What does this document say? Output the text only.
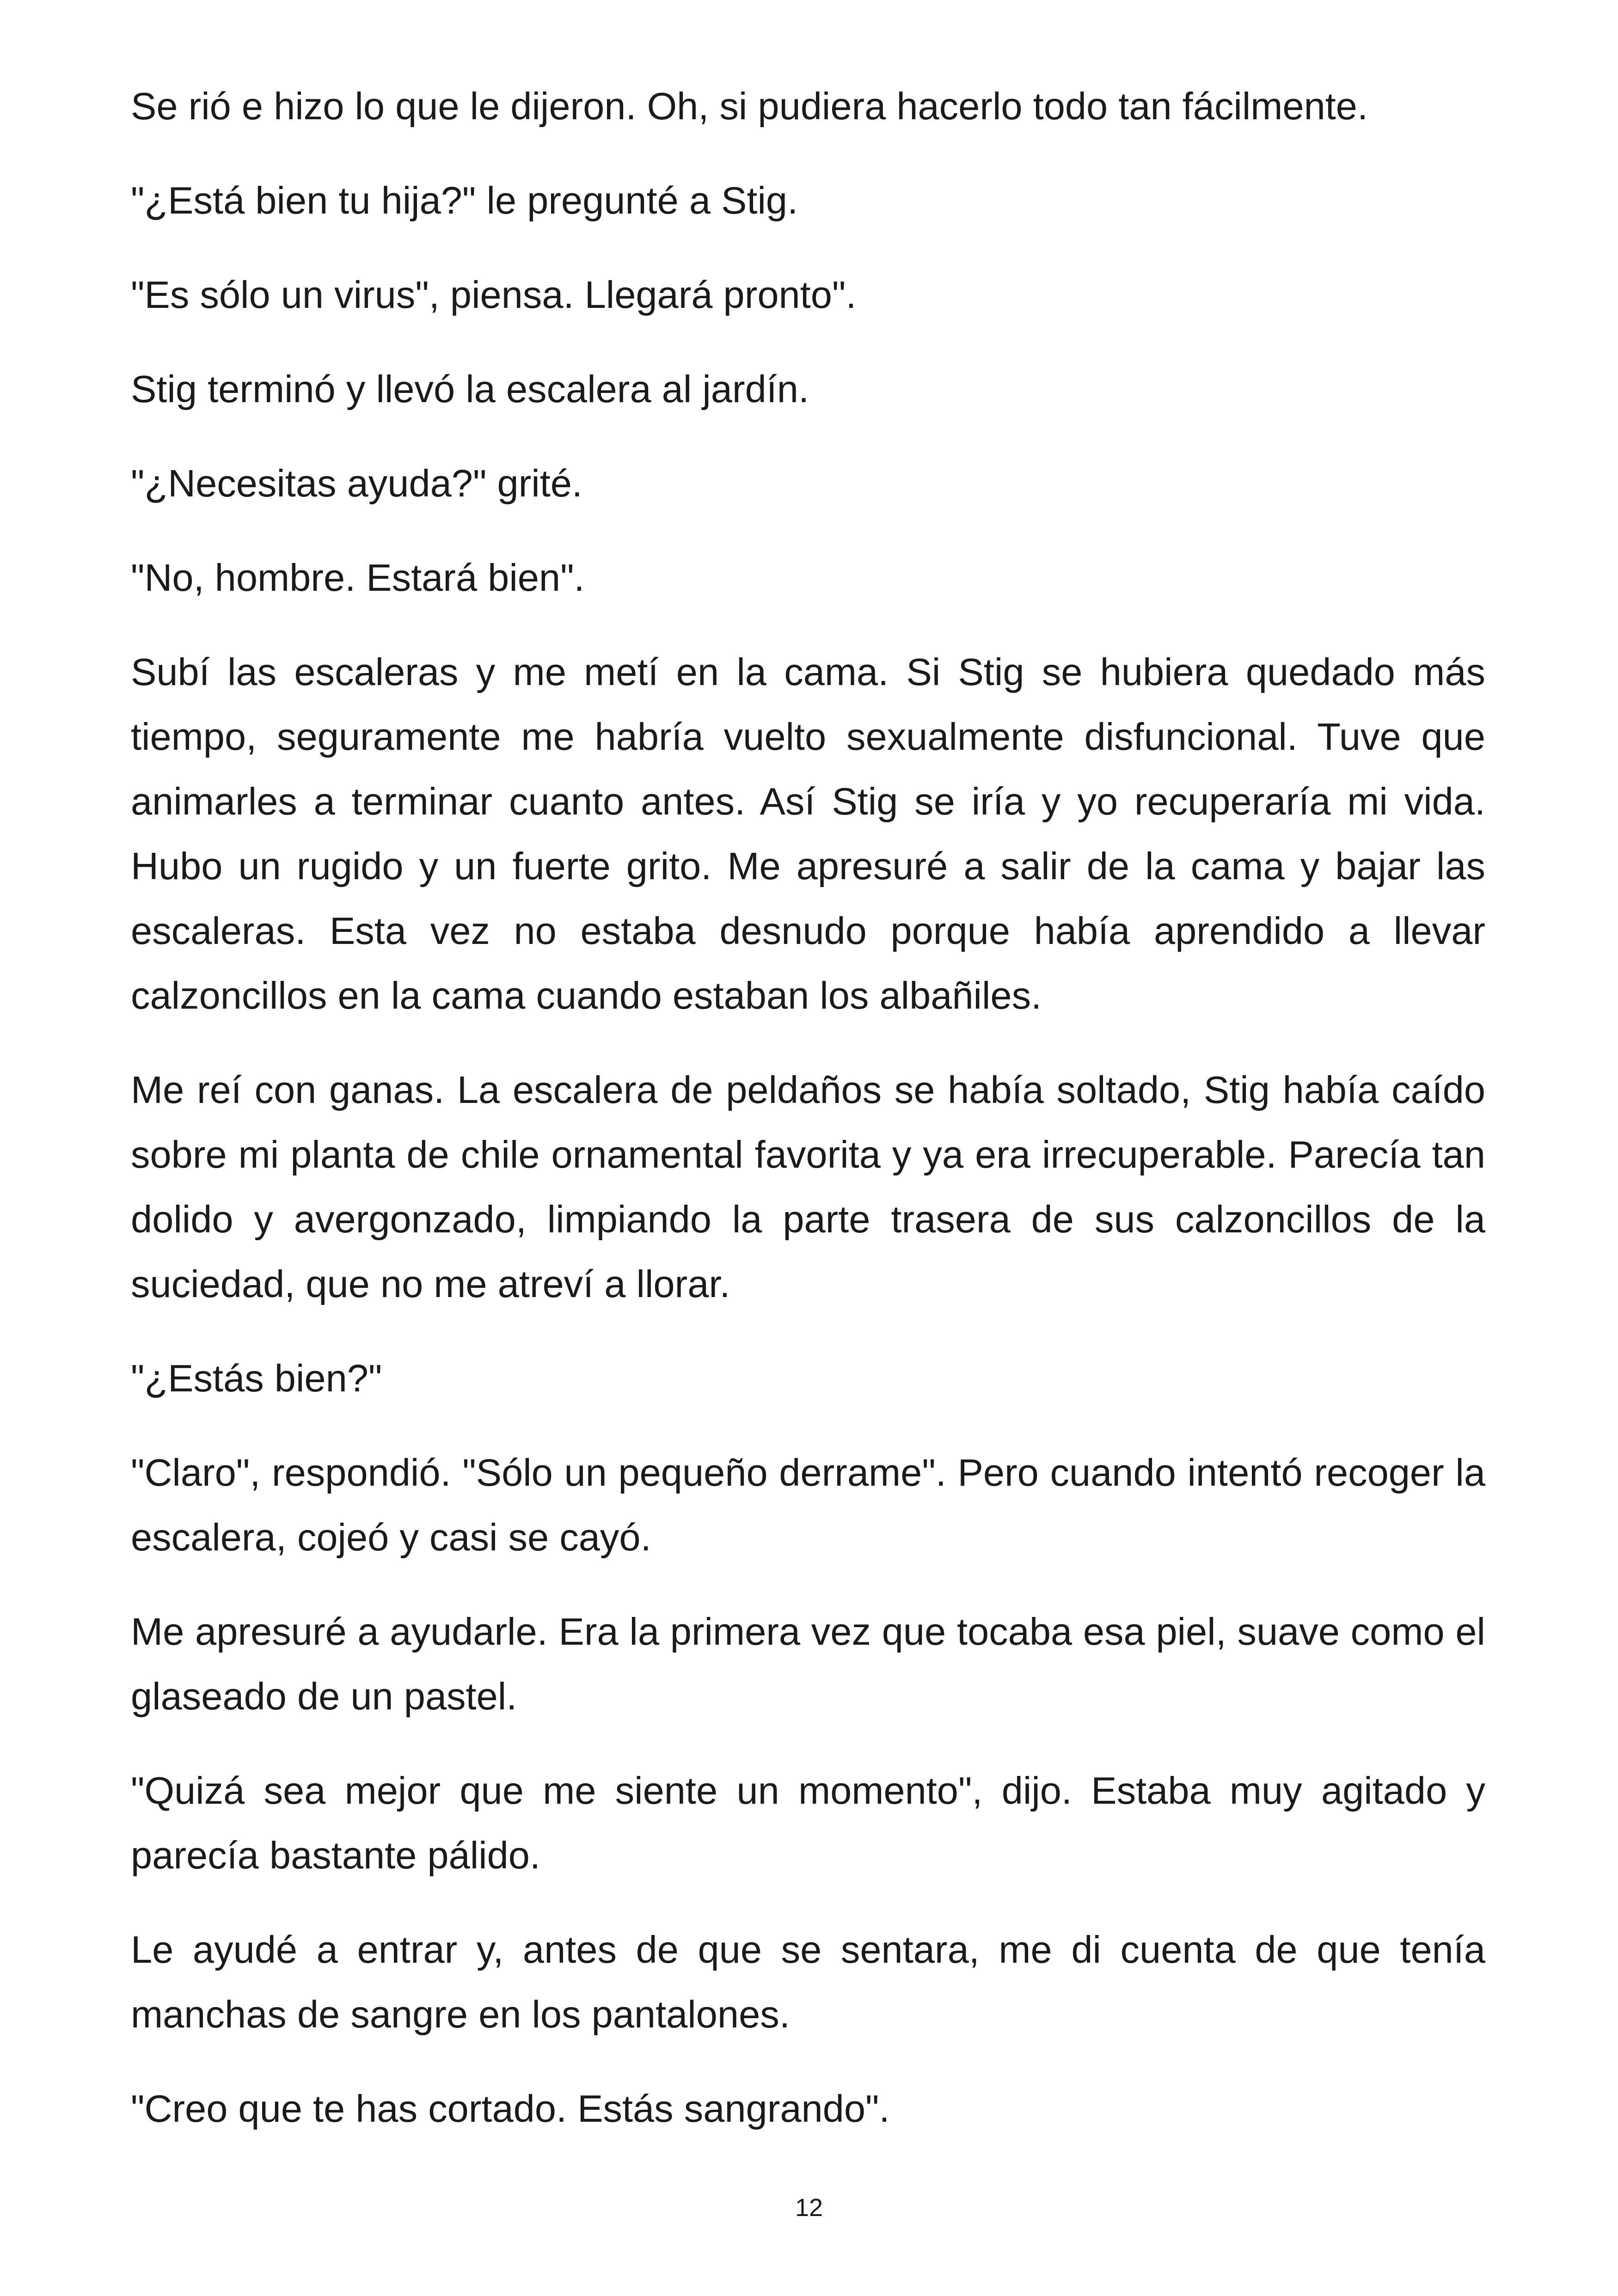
Se rió e hizo lo que le dijeron. Oh, si pudiera hacerlo todo tan fácilmente.

"¿Está bien tu hija?" le pregunté a Stig.

"Es sólo un virus", piensa. Llegará pronto".

Stig terminó y llevó la escalera al jardín.

"¿Necesitas ayuda?" grité.

"No, hombre. Estará bien".

Subí las escaleras y me metí en la cama. Si Stig se hubiera quedado más tiempo, seguramente me habría vuelto sexualmente disfuncional. Tuve que animarles a terminar cuanto antes. Así Stig se iría y yo recuperaría mi vida. Hubo un rugido y un fuerte grito. Me apresuré a salir de la cama y bajar las escaleras. Esta vez no estaba desnudo porque había aprendido a llevar calzoncillos en la cama cuando estaban los albañiles.

Me reí con ganas. La escalera de peldaños se había soltado, Stig había caído sobre mi planta de chile ornamental favorita y ya era irrecuperable. Parecía tan dolido y avergonzado, limpiando la parte trasera de sus calzoncillos de la suciedad, que no me atreví a llorar.

"¿Estás bien?"

"Claro", respondió. "Sólo un pequeño derrame". Pero cuando intentó recoger la escalera, cojeó y casi se cayó.

Me apresuré a ayudarle. Era la primera vez que tocaba esa piel, suave como el glaseado de un pastel.

"Quizá sea mejor que me siente un momento", dijo. Estaba muy agitado y parecía bastante pálido.

Le ayudé a entrar y, antes de que se sentara, me di cuenta de que tenía manchas de sangre en los pantalones.

"Creo que te has cortado. Estás sangrando".

12
